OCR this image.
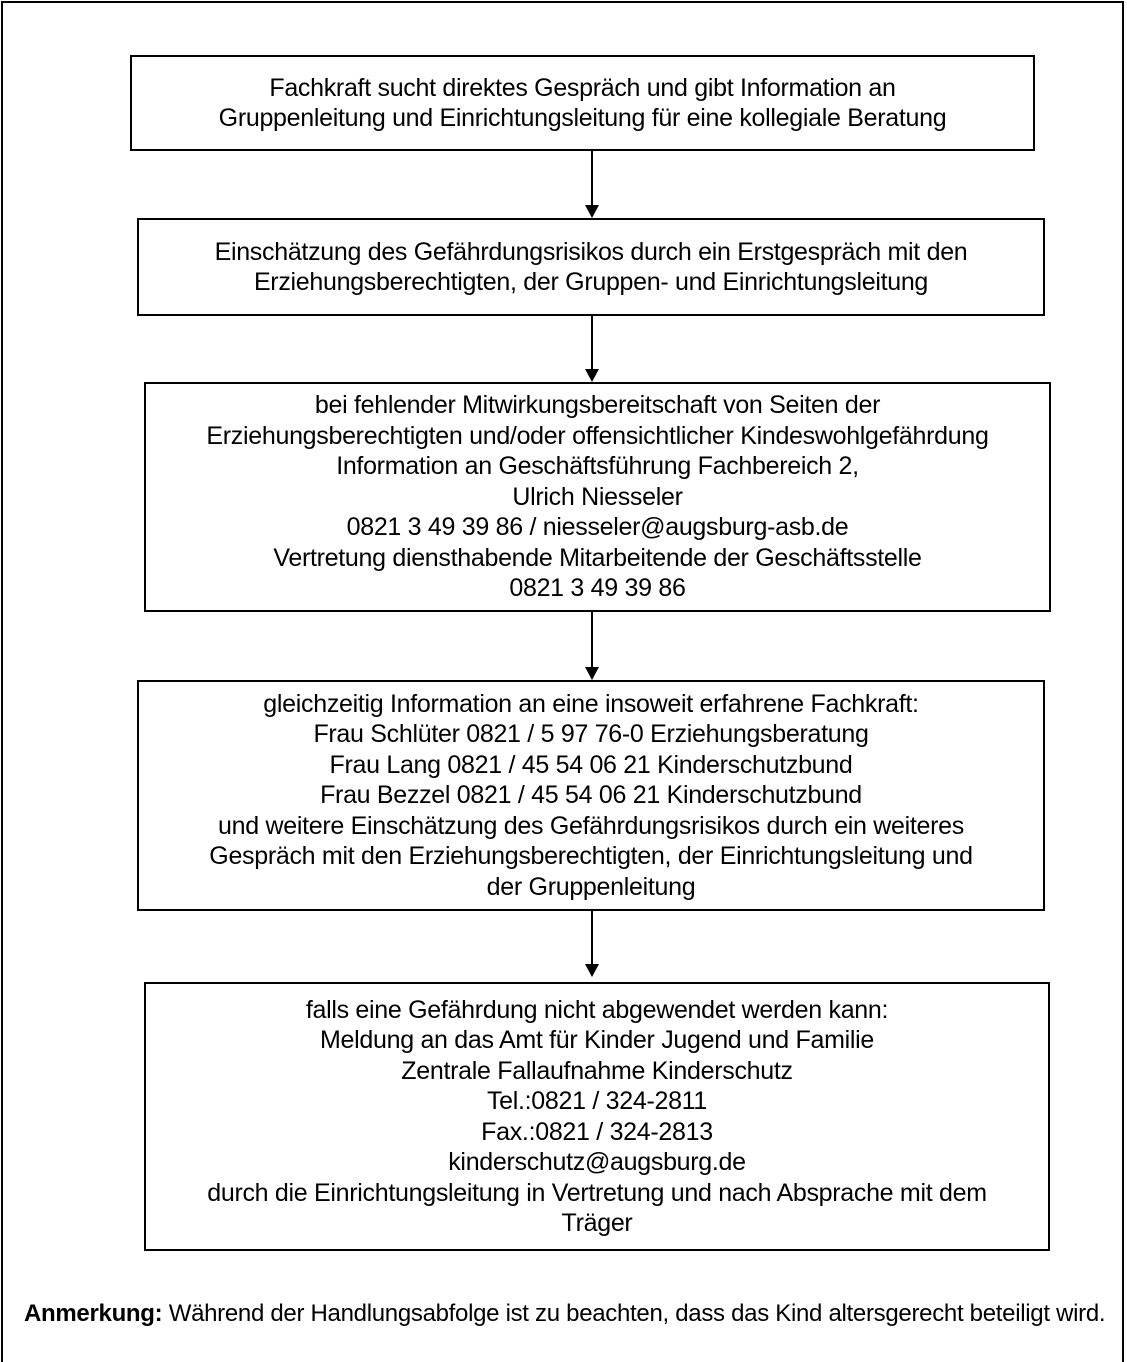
Fachkraft sucht direktes Gespräch und gibt Information an
Gruppenleitung und Einrichtungsleitung für eine kollegiale Beratung
Einschätzung des Gefährdungsrisikos durch ein Erstgespräch mit den
Erziehungsberechtigten, der Gruppen- und Einrichtungsleitung
bei fehlender Mitwirkungsbereitschaft von Seiten der
Erziehungsberechtigten und/oder offensichtlicher Kindeswohlgefährdung
Information an Geschäftsführung Fachbereich 2,
Ulrich Niesseler
0821 3 49 39 86 / niesseler@augsburg-asb.de
Vertretung diensthabende Mitarbeitende der Geschäftsstelle
0821 3 49 39 86
gleichzeitig Information an eine insoweit erfahrene Fachkraft:
Frau Schlüter 0821 / 5 97 76-0 Erziehungsberatung
Frau Lang 0821 / 45 54 06 21 Kinderschutzbund
Frau Bezzel 0821 / 45 54 06 21 Kinderschutzbund
und weitere Einschätzung des Gefährdungsrisikos durch ein weiteres
Gespräch mit den Erziehungsberechtigten, der Einrichtungsleitung und
der Gruppenleitung
falls eine Gefährdung nicht abgewendet werden kann:
Meldung an das Amt für Kinder Jugend und Familie
Zentrale Fallaufnahme Kinderschutz
Tel.:0821 / 324-2811
Fax.:0821 / 324-2813
kinderschutz@augsburg.de
durch die Einrichtungsleitung in Vertretung und nach Absprache mit dem
Träger
Anmerkung: Während der Handlungsabfolge ist zu beachten, dass das Kind altersgerecht beteiligt wird.
